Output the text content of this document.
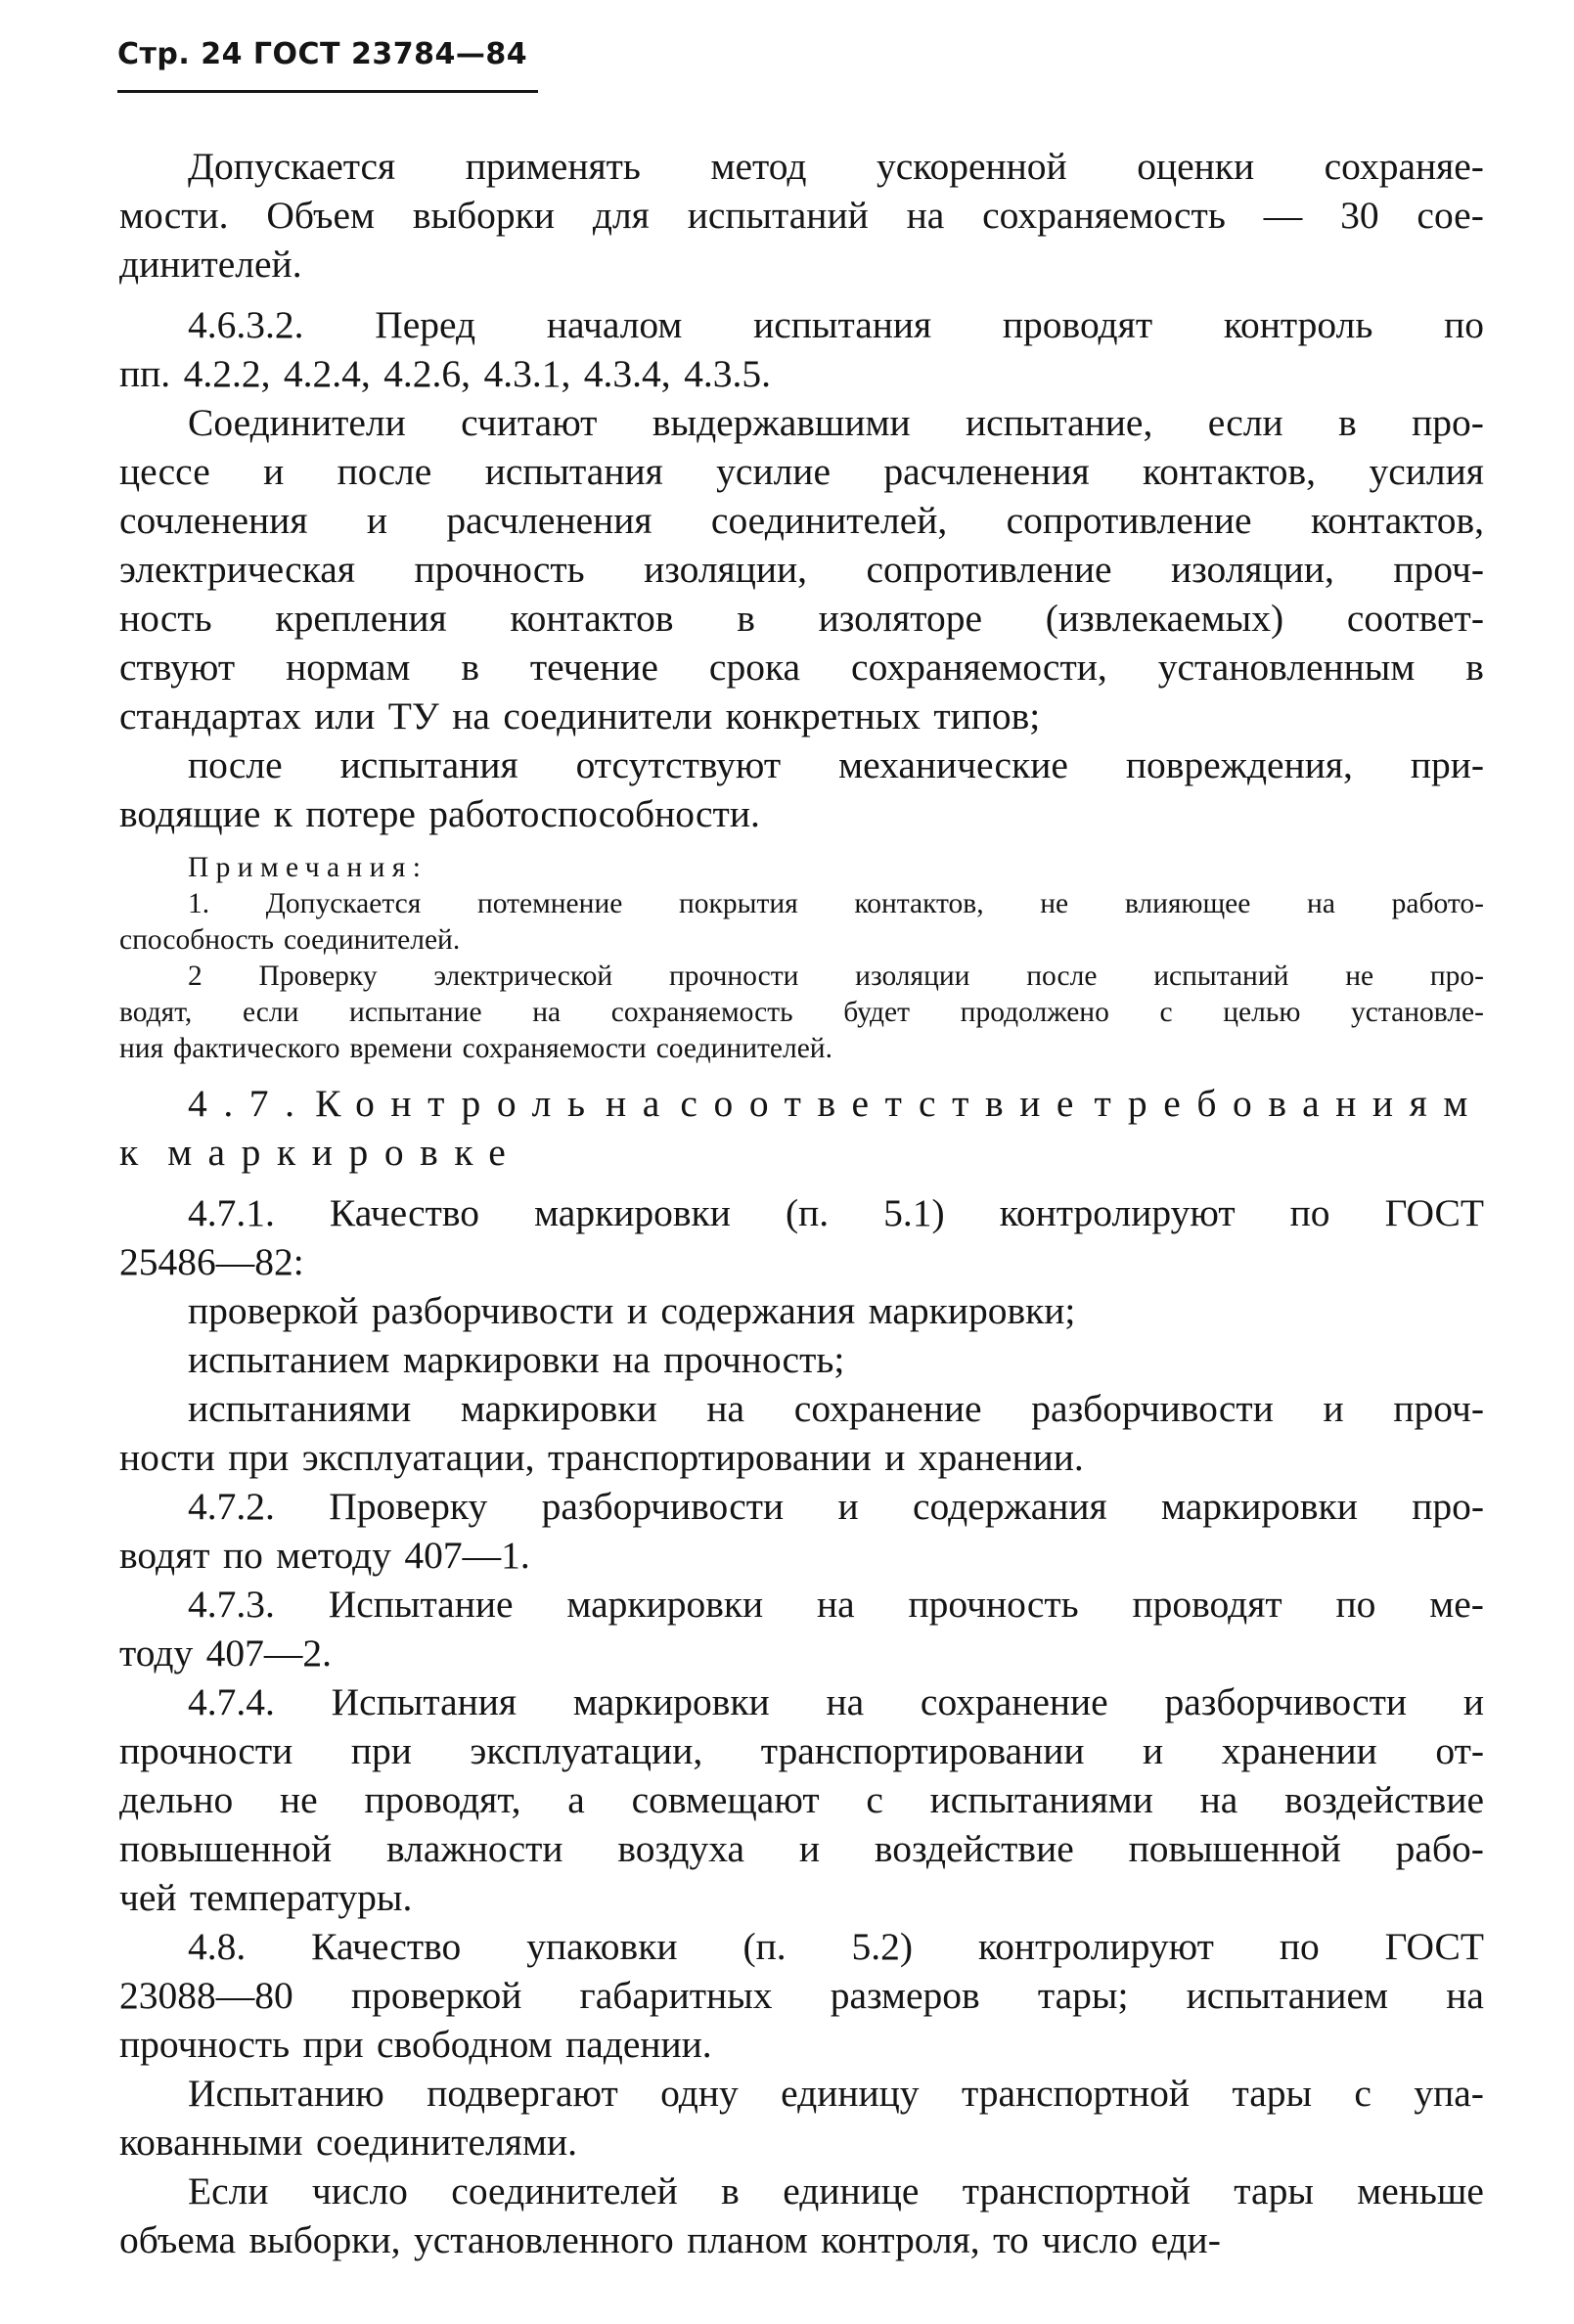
Стр. 24 ГОСТ 23784—84
Допускается применять метод ускоренной оценки сохраняе-
мости. Объем выборки для испытаний на сохраняемость — 30 сое-
динителей.
4.6.3.2. Перед началом испытания проводят контроль по
пп. 4.2.2, 4.2.4, 4.2.6, 4.3.1, 4.3.4, 4.3.5.
Соединители считают выдержавшими испытание, если в про-
цессе и после испытания усилие расчленения контактов, усилия
сочленения и расчленения соединителей, сопротивление контактов,
электрическая прочность изоляции, сопротивление изоляции, проч-
ность крепления контактов в изоляторе (извлекаемых) соответ-
ствуют нормам в течение срока сохраняемости, установленным в
стандартах или ТУ на соединители конкретных типов;
после испытания отсутствуют механические повреждения, при-
водящие к потере работоспособности.
Примечания:
1. Допускается потемнение покрытия контактов, не влияющее на работо-
способность соединителей.
2 Проверку электрической прочности изоляции после испытаний не про-
водят, если испытание на сохраняемость будет продолжено с целью установле-
ния фактического времени сохраняемости соединителей.
4.7. Контроль на соответствие требованиям
к маркировке
4.7.1. Качество маркировки (п. 5.1) контролируют по ГОСТ
25486—82:
проверкой разборчивости и содержания маркировки;
испытанием маркировки на прочность;
испытаниями маркировки на сохранение разборчивости и проч-
ности при эксплуатации, транспортировании и хранении.
4.7.2. Проверку разборчивости и содержания маркировки про-
водят по методу 407—1.
4.7.3. Испытание маркировки на прочность проводят по ме-
тоду 407—2.
4.7.4. Испытания маркировки на сохранение разборчивости и
прочности при эксплуатации, транспортировании и хранении от-
дельно не проводят, а совмещают с испытаниями на воздействие
повышенной влажности воздуха и воздействие повышенной рабо-
чей температуры.
4.8. Качество упаковки (п. 5.2) контролируют по ГОСТ
23088—80 проверкой габаритных размеров тары; испытанием на
прочность при свободном падении.
Испытанию подвергают одну единицу транспортной тары с упа-
кованными соединителями.
Если число соединителей в единице транспортной тары меньше
объема выборки, установленного планом контроля, то число еди-
